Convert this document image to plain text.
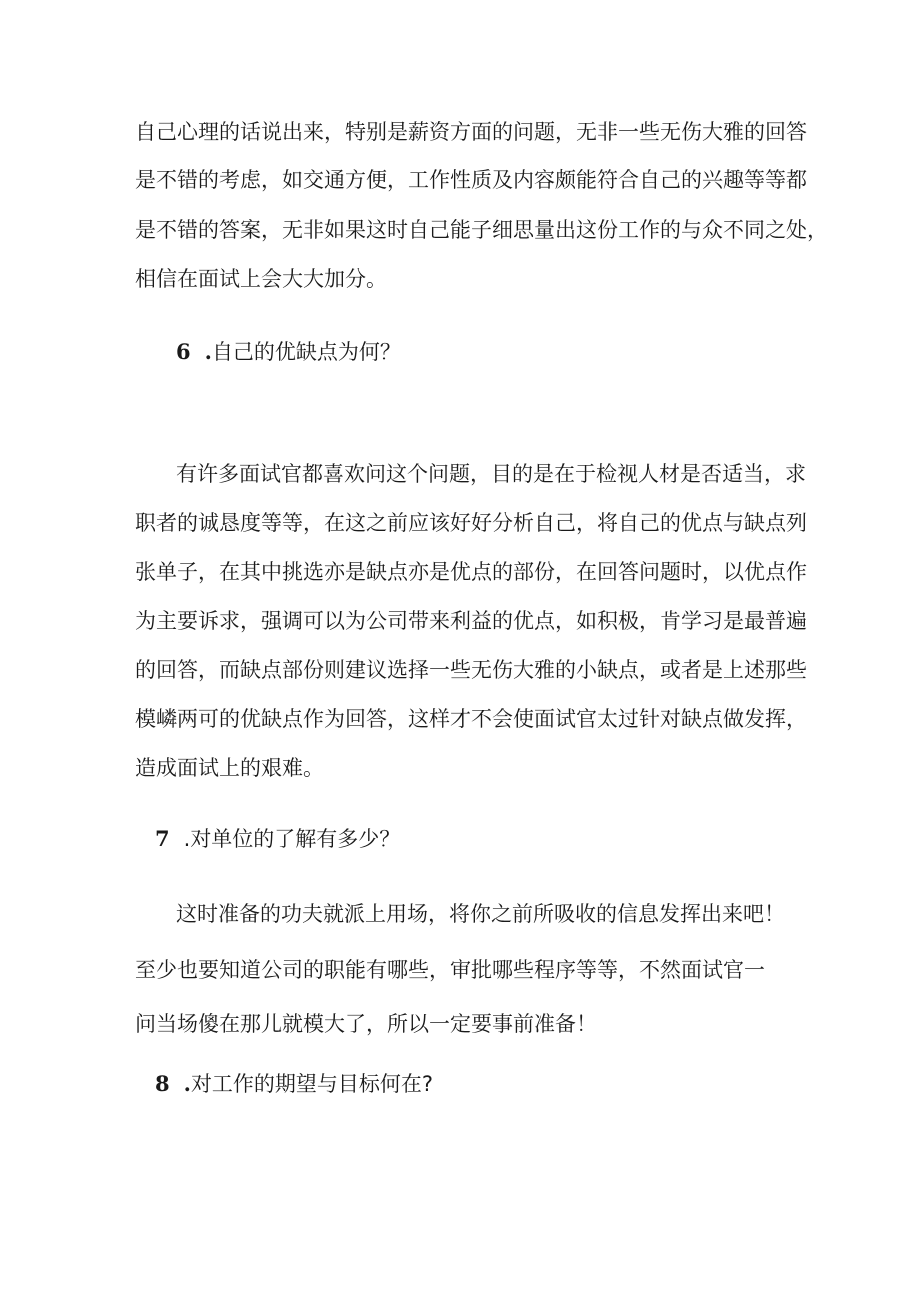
自己心理的话说出来，特别是薪资方面的问题，无非一些无伤大雅的回答
是不错的考虑，如交通方便，工作性质及内容颇能符合自己的兴趣等等都
是不错的答案，无非如果这时自己能子细思量出这份工作的与众不同之处，
相信在面试上会大大加分。
6 .自己的优缺点为何？
有许多面试官都喜欢问这个问题，目的是在于检视人材是否适当，求
职者的诚恳度等等，在这之前应该好好分析自己，将自己的优点与缺点列
张单子，在其中挑选亦是缺点亦是优点的部份，在回答问题时，以优点作
为主要诉求，强调可以为公司带来利益的优点，如积极，肯学习是最普遍
的回答，而缺点部份则建议选择一些无伤大雅的小缺点，或者是上述那些
模嶙两可的优缺点作为回答，这样才不会使面试官太过针对缺点做发挥，
造成面试上的艰难。
7 .对单位的了解有多少？
这时准备的功夫就派上用场，将你之前所吸收的信息发挥出来吧！
至少也要知道公司的职能有哪些，审批哪些程序等等，不然面试官一
问当场傻在那儿就模大了，所以一定要事前准备！
8 .对工作的期望与目标何在?
